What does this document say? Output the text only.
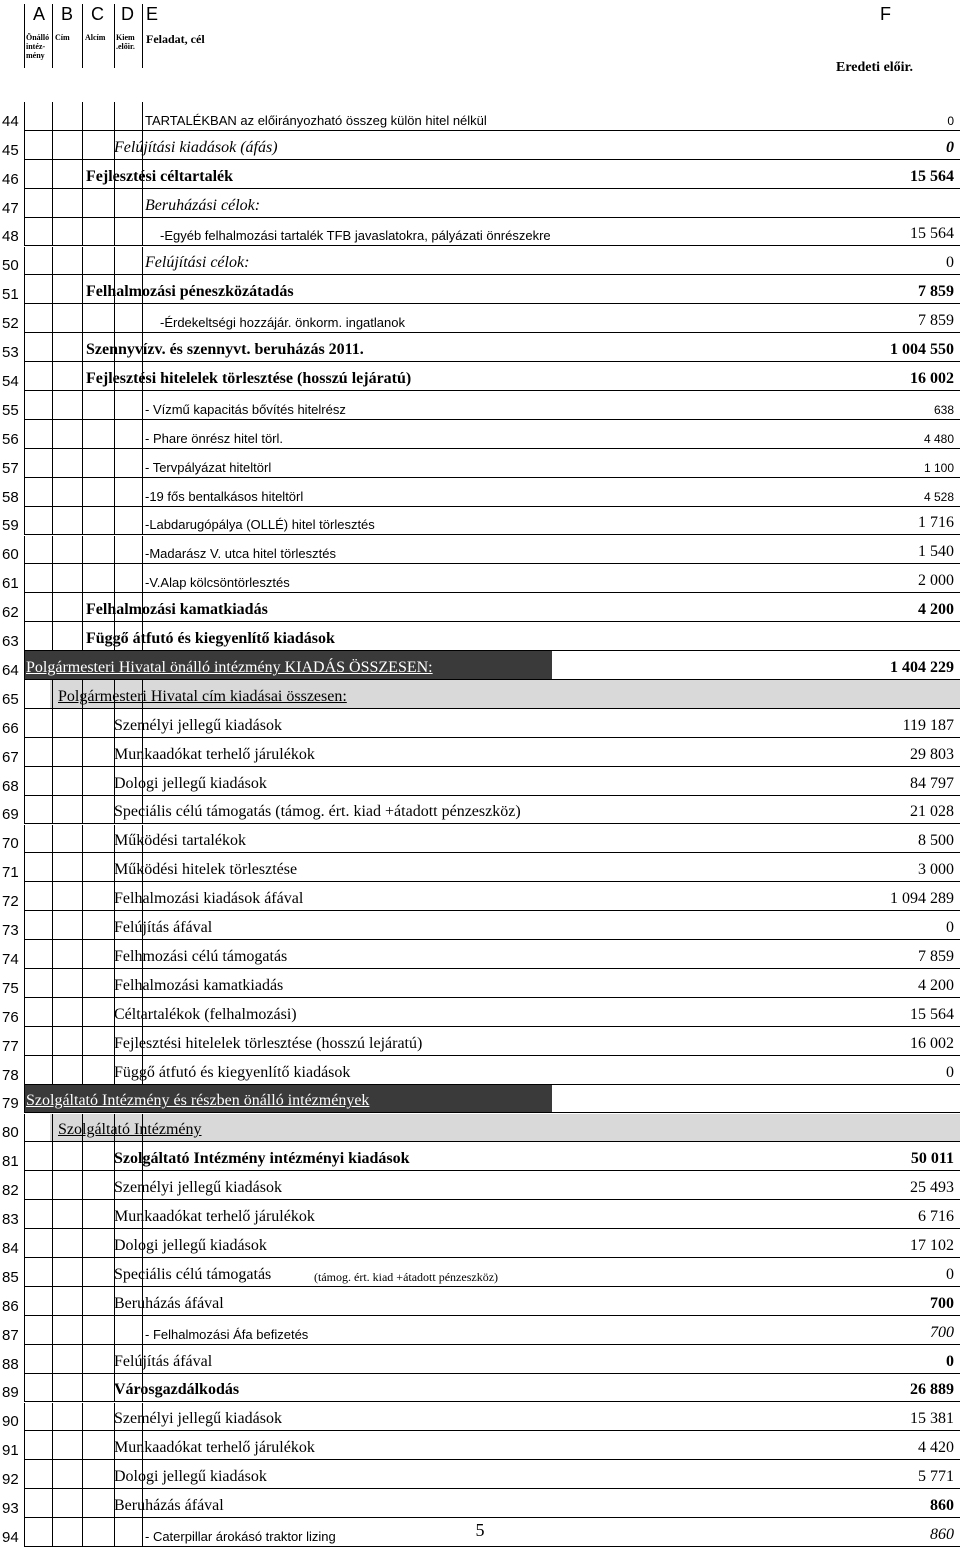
A B C D E	F
Önálló intéz-mény
Cím Alcím Kiem .előir.
Feladat, cél
Eredeti előir.
44	TARTALÉKBAN az előirányozható összeg külön hitel nélkül	0
45	Felújítási kiadások (áfás)	0
46	Fejlesztési céltartalék	15 564
47	Beruházási célok:
48	-Egyéb felhalmozási tartalék TFB javaslatokra, pályázati önrészekre	15 564
50	Felújítási célok:	0
51	Felhalmozási péneszközátadás	7 859
52	-Érdekeltségi hozzájár. önkorm. ingatlanok	7 859
53	Szennyvízv. és szennyvt. beruházás 2011.	1 004 550
54	Fejlesztési hitelelek törlesztése (hosszú lejáratú)	16 002
55	- Vízmű kapacitás bővítés hitelrész	638
56	- Phare önrész hitel törl.	4 480
57	- Tervpályázat hiteltörl	1 100
58	-19 fős bentalkásos hiteltörl	4 528
59	-Labdarugópálya (OLLÉ) hitel törlesztés	1 716
60	-Madarász V. utca hitel törlesztés	1 540
61	-V.Alap kölcsöntörlesztés	2 000
62	Felhalmozási kamatkiadás	4 200
63	Függő átfutó és kiegyenlítő kiadások
64 Polgármesteri Hivatal önálló intézmény KIADÁS ÖSSZESEN:	1 404 229
65	Polgármesteri Hivatal cím kiadásai összesen:
66	Személyi jellegű kiadások	119 187
67	Munkaadókat terhelő járulékok	29 803
68	Dologi jellegű kiadások	84 797
69	Speciális célú támogatás (támog. ért. kiad +átadott pénzeszköz)	21 028
70	Működési tartalékok	8 500
71	Működési hitelek törlesztése	3 000
72	Felhalmozási kiadások áfával	1 094 289
73	Felújítás áfával	0
74	Felhmozási célú támogatás	7 859
75	Felhalmozási kamatkiadás	4 200
76	Céltartalékok (felhalmozási)	15 564
77	Fejlesztési hitelelek törlesztése (hosszú lejáratú)	16 002
78	Függő átfutó és kiegyenlítő kiadások	0
79 Szolgáltató Intézmény és részben önálló intézmények
80	Szolgáltató Intézmény
81	Szolgáltató Intézmény intézményi kiadások	50 011
82	Személyi jellegű kiadások	25 493
83	Munkaadókat terhelő járulékok	6 716
84	Dologi jellegű kiadások	17 102
85	Speciális célú támogatás	(támog. ért. kiad +átadott pénzeszköz)	0
86	Beruházás áfával	700
87	- Felhalmozási Áfa befizetés	700
88	Felújítás áfával	0
89	Városgazdálkodás	26 889
90	Személyi jellegű kiadások	15 381
91	Munkaadókat terhelő járulékok	4 420
92	Dologi jellegű kiadások	5 771
93	Beruházás áfával	860
94	- Caterpillar árokásó traktor lizing	860
5
